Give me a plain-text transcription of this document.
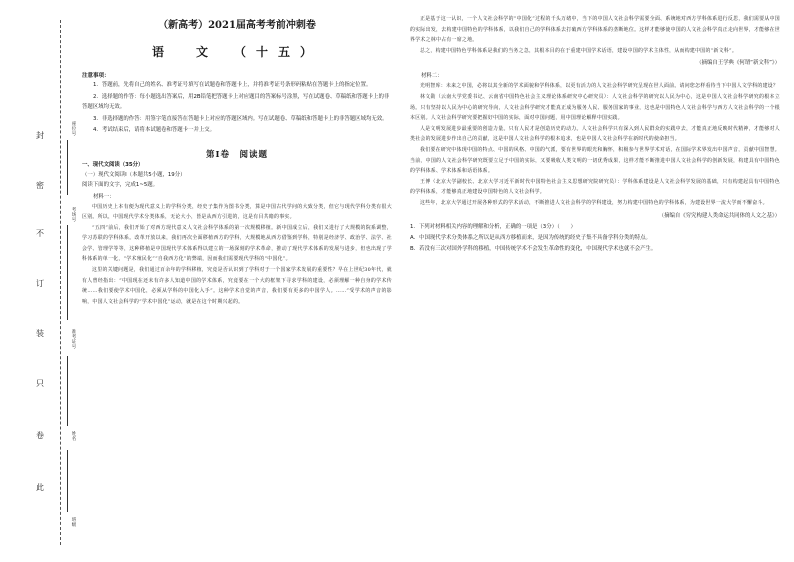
封
密
不
订
装
只
卷
此
座位号
考场号
准考证号
姓名
班级
（新高考）2021届高考考前冲刺卷
语　文　（十五）
注意事项：
1．答题前，先将自己的姓名、准考证号填写在试题卷和答题卡上，并将准考证号条形码粘贴在答题卡上的指定位置。
2．选择题的作答：每小题选出答案后，用2B铅笔把答题卡上对应题目的答案标号涂黑，写在试题卷、草稿纸和答题卡上的非答题区域均无效。
3．非选择题的作答：用签字笔直接答在答题卡上对应的答题区域内。写在试题卷、草稿纸和答题卡上的非答题区域均无效。
4．考试结束后，请将本试题卷和答题卡一并上交。
第Ⅰ卷　阅读题
一、现代文阅读（35分）
（一）现代文阅读Ⅰ（本题共5小题，19分）
阅读下面的文字，完成1~5题。
材料一：
中国历史上本有便为现代意义上的学科分类，经史子集作为图书分类，算是中国古代学问的大致分类，但它与现代学科分类有很大区别。所以，中国现代学术分类体系，无论大小，皆是从西方引进的，这是有目共睹的事实。
“五四”前后，我们开始了对西方现代意义人文社会科学体系的第一次规模移植。新中国成立后，我们又进行了大规模的院系调整，学习苏联的学科体系。改革开放以来，我们再次全面移植西方的学科，大规模地从西方借鉴到学科，特别是经济学、政治学、法学、社会学、管理学等等，这种移植是中国现代学术体系得以建立的一场深刻的学术革命，推动了现代学术体系的发展与进步，但也出现了学科体系的单一化，“学术殖民化”“自我西方化”的弊端，因而我们需要现代学科的“中国化”。
这里的关键问题是，我们通过百余年的学科移植，究竟是否认识到了学科对于一个国家学术发展的重要性？早在上世纪30年代，就有人曾经指出：“中国现在还未有许多人知道中国的学术体系，究竟要在一个大的框架下寻求学科的建设，必须理解一种自身的学术传统……我们要使学术中国化，必须从学科的中国化入手”。这种学术自觉的声音，我们要有更多的中国学人。……”受学术的声音的影响，中国人文社会科学的“学术中国化”运动，就是在这个时期兴起的。
正是基于这一认识，一个人文社会科学的“中国化”过程的千头万绪中，当下的中国人文社会科学需要全面、系统地对西方学科体系进行反思，我们需要从中国的实际出发，去构建中国特色的学科体系，以我们自己的学科体系去打破西方学科体系的垄断地位。这样才能够使中国的人文社会科学真正走向世界，才能够在世界学术之林中占有一席之地。
总之，构建中国特色学科体系是我们的当务之急，其根本目的在于重建中国学术话语，建设中国的学术主体性，从而构建中国的“新文科”。
（摘编自王学典《何谓“新文科”》）
材料二：
光明智库：未来之中国，必将以其全新的学术面貌和学科体系，以更有活力的人文社会科学研究呈现在世人面前。请问您怎样看待当下中国人文学科的建设？
林文勋（云南大学党委书记、云南省中国特色社会主义理论体系研究中心研究员）：人文社会科学的研究以人民为中心，这是中国人文社会科学研究的根本立场。只有坚持以人民为中心的研究导向，人文社会科学研究才能真正成为服务人民、服务国家的事业，这也是中国特色人文社会科学与西方人文社会科学的一个根本区别。人文社会科学研究要把握好中国的实际，面对中国问题，用中国理论解释中国实践。
人是文明发展进步最重要的创造力量。只有人民才是创造历史的动力。人文社会科学只有深入到人民群众的实践中去，才能真正地反映时代精神，才能够对人类社会的发展进步作出自己的贡献，这是中国人文社会科学的根本追求，也是中国人文社会科学在新时代的使命担当。
我们要在研究中体现中国的特点、中国的风格、中国的气派，要有世界的眼光和胸怀，积极参与世界学术对话，在国际学术界发出中国声音，贡献中国智慧。当前，中国的人文社会科学研究既要立足于中国的实际，又要吸收人类文明的一切优秀成果，这样才能不断推进中国人文社会科学的创新发展，构建具有中国特色的学科体系、学术体系和话语体系。
王博（北京大学副校长、北京大学习近平新时代中国特色社会主义思想研究院研究员）：学科体系建设是人文社会科学发展的基础，只有构建起具有中国特色的学科体系，才能够真正地建设中国特色的人文社会科学。
这些年，北京大学通过开展各种形式的学术活动，不断推进人文社会科学的学科建设，努力构建中国特色的学科体系，为建设世界一流大学而不懈奋斗。
（摘编自《穷究构建人类命运共同体的人文之基》）
1．下列对材料相关内容的理解和分析，正确的一项是（3分）（　　）
A．中国现代学术分类体系之所以是从西方移植而来，是因为传统的经史子集不具备学科分类的特点。
B．若没有三次对国外学科的移植，中国传统学术不会发生革命性的变化，中国现代学术也就不会产生。
